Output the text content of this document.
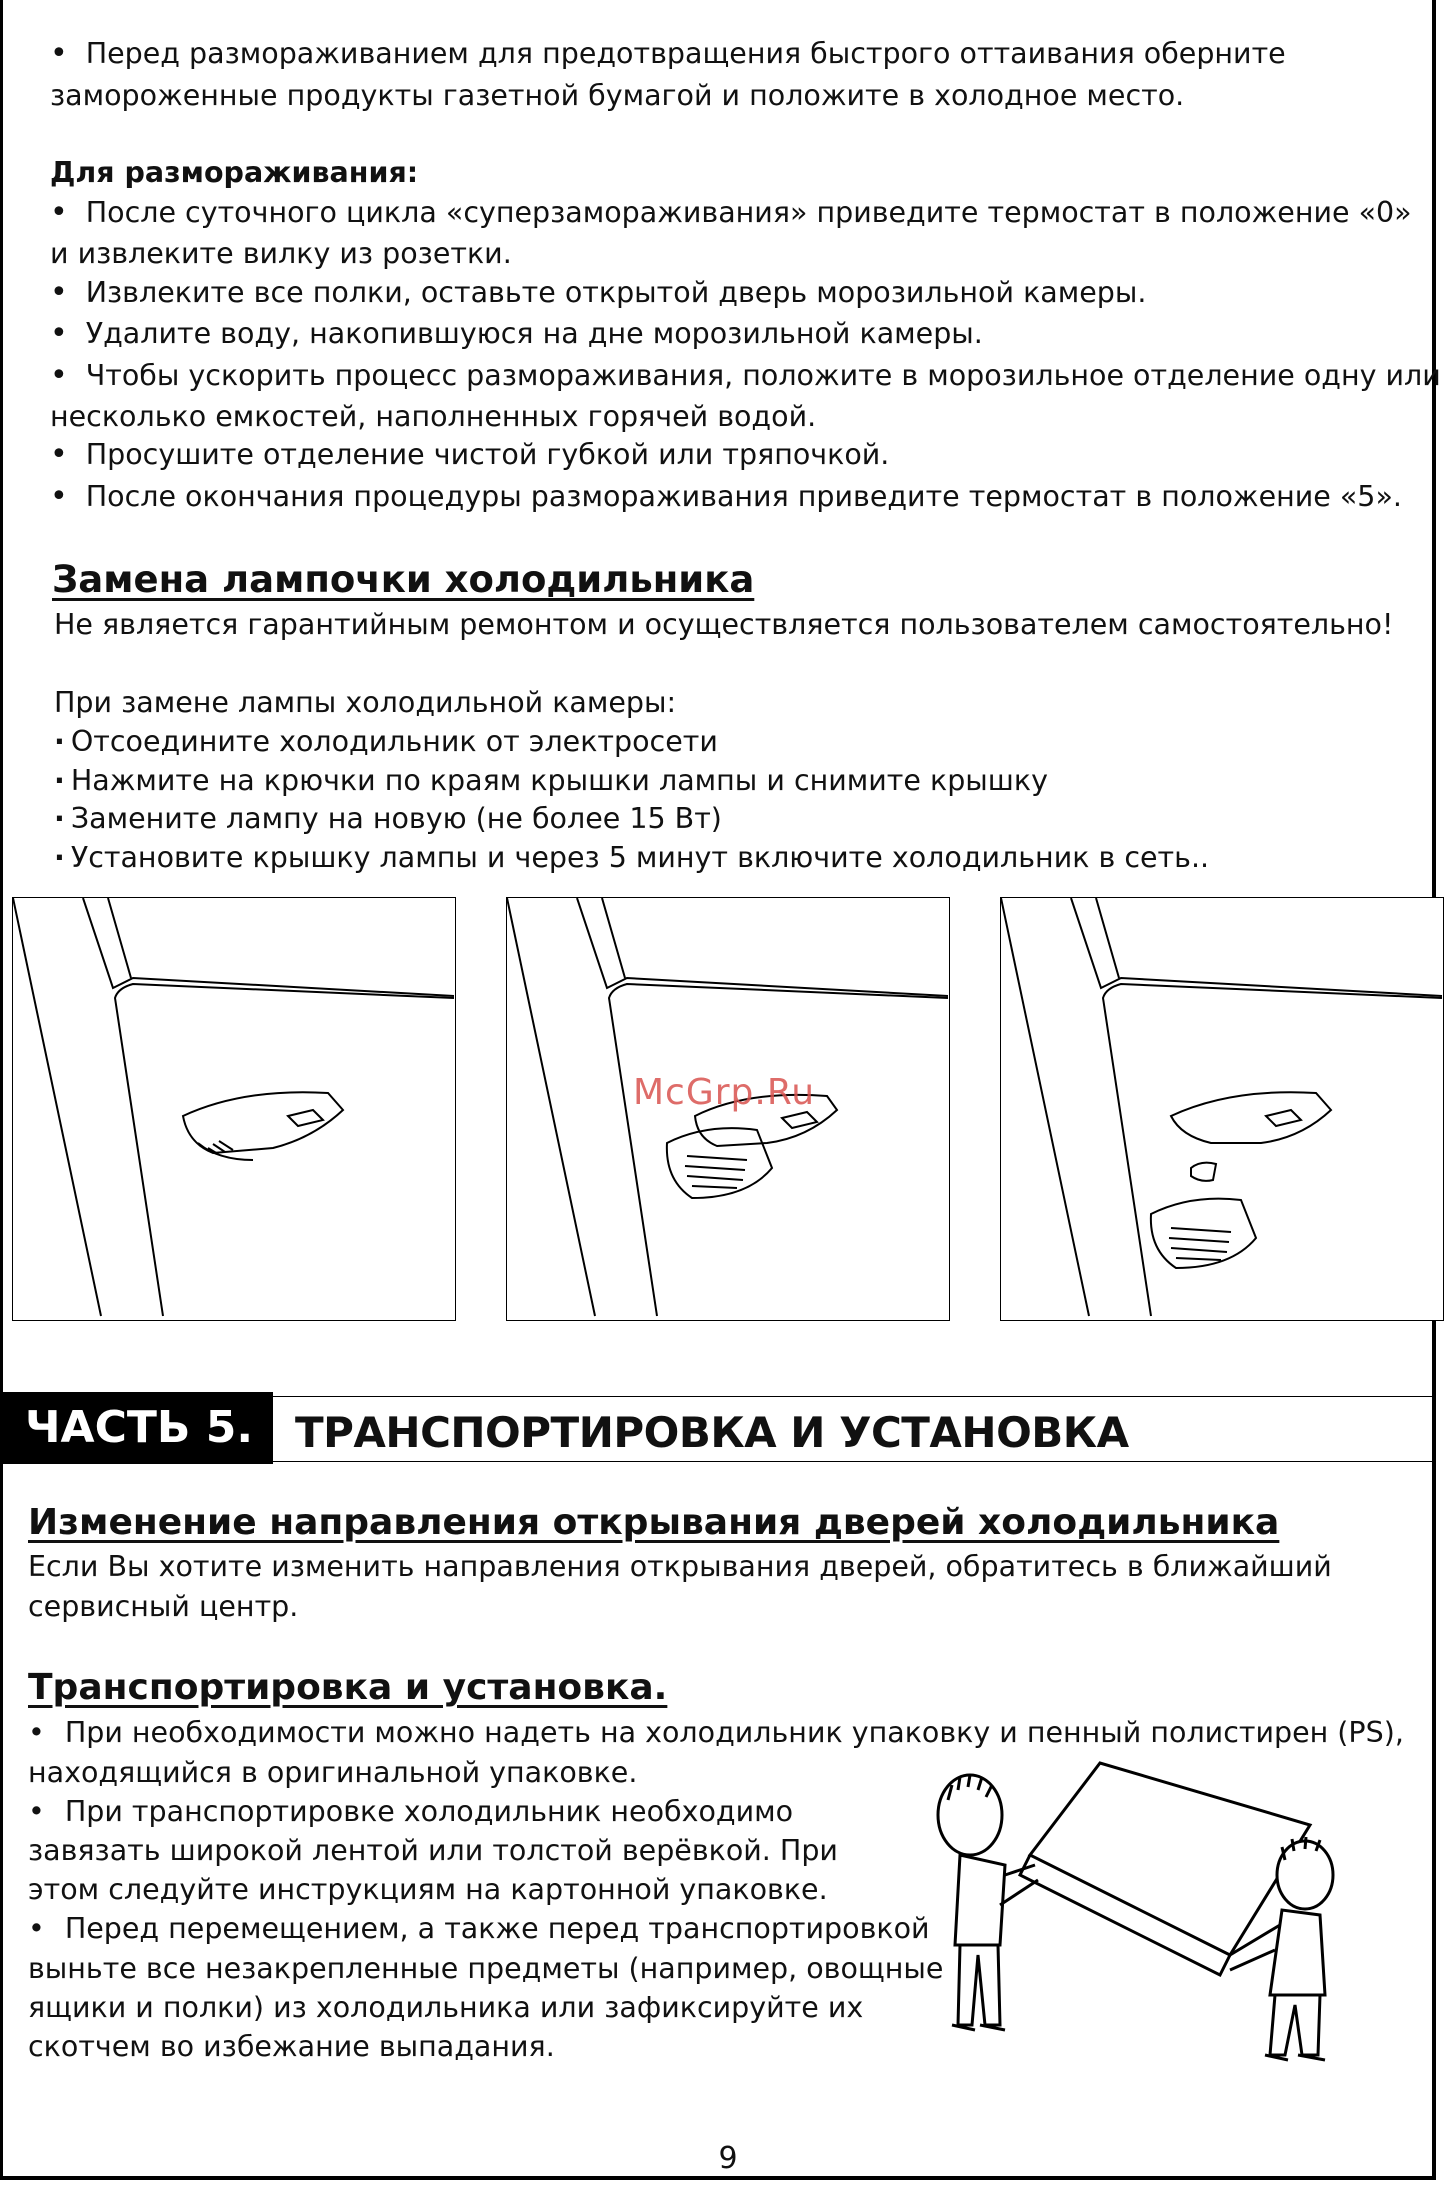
• Перед размораживанием для предотвращения быстрого оттаивания оберните
замороженные продукты газетной бумагой и положите в холодное место.
Для размораживания:
• После суточного цикла «суперзамораживания» приведите термостат в положение «0»
и извлеките вилку из розетки.
• Извлеките все полки, оставьте открытой дверь морозильной камеры.
• Удалите воду, накопившуюся на дне морозильной камеры.
• Чтобы ускорить процесс размораживания, положите в морозильное отделение одну или
несколько емкостей, наполненных горячей водой.
• Просушите отделение чистой губкой или тряпочкой.
• После окончания процедуры размораживания приведите термостат в положение «5».
Замена лампочки холодильника
Не является гарантийным ремонтом и осуществляется пользователем самостоятельно!
При замене лампы холодильной камеры:
· Отсоедините холодильник от электросети
· Нажмите на крючки по краям крышки лампы и снимите крышку
· Замените лампу на новую (не более 15 Вт)
· Установите крышку лампы и через 5 минут включите холодильник в сеть..
McGrp.Ru
ЧАСТЬ 5. ТРАНСПОРТИРОВКА И УСТАНОВКА
Изменение направления открывания дверей холодильника
Если Вы хотите изменить направления открывания дверей, обратитесь в ближайший
сервисный центр.
Транспортировка и установка.
• При необходимости можно надеть на холодильник упаковку и пенный полистирен (PS),
находящийся в оригинальной упаковке.
• При транспортировке холодильник необходимо
завязать широкой лентой или толстой верёвкой. При
этом следуйте инструкциям на картонной упаковке.
• Перед перемещением, а также перед транспортировкой
выньте все незакрепленные предметы (например, овощные
ящики и полки) из холодильника или зафиксируйте их
скотчем во избежание выпадания.
9
